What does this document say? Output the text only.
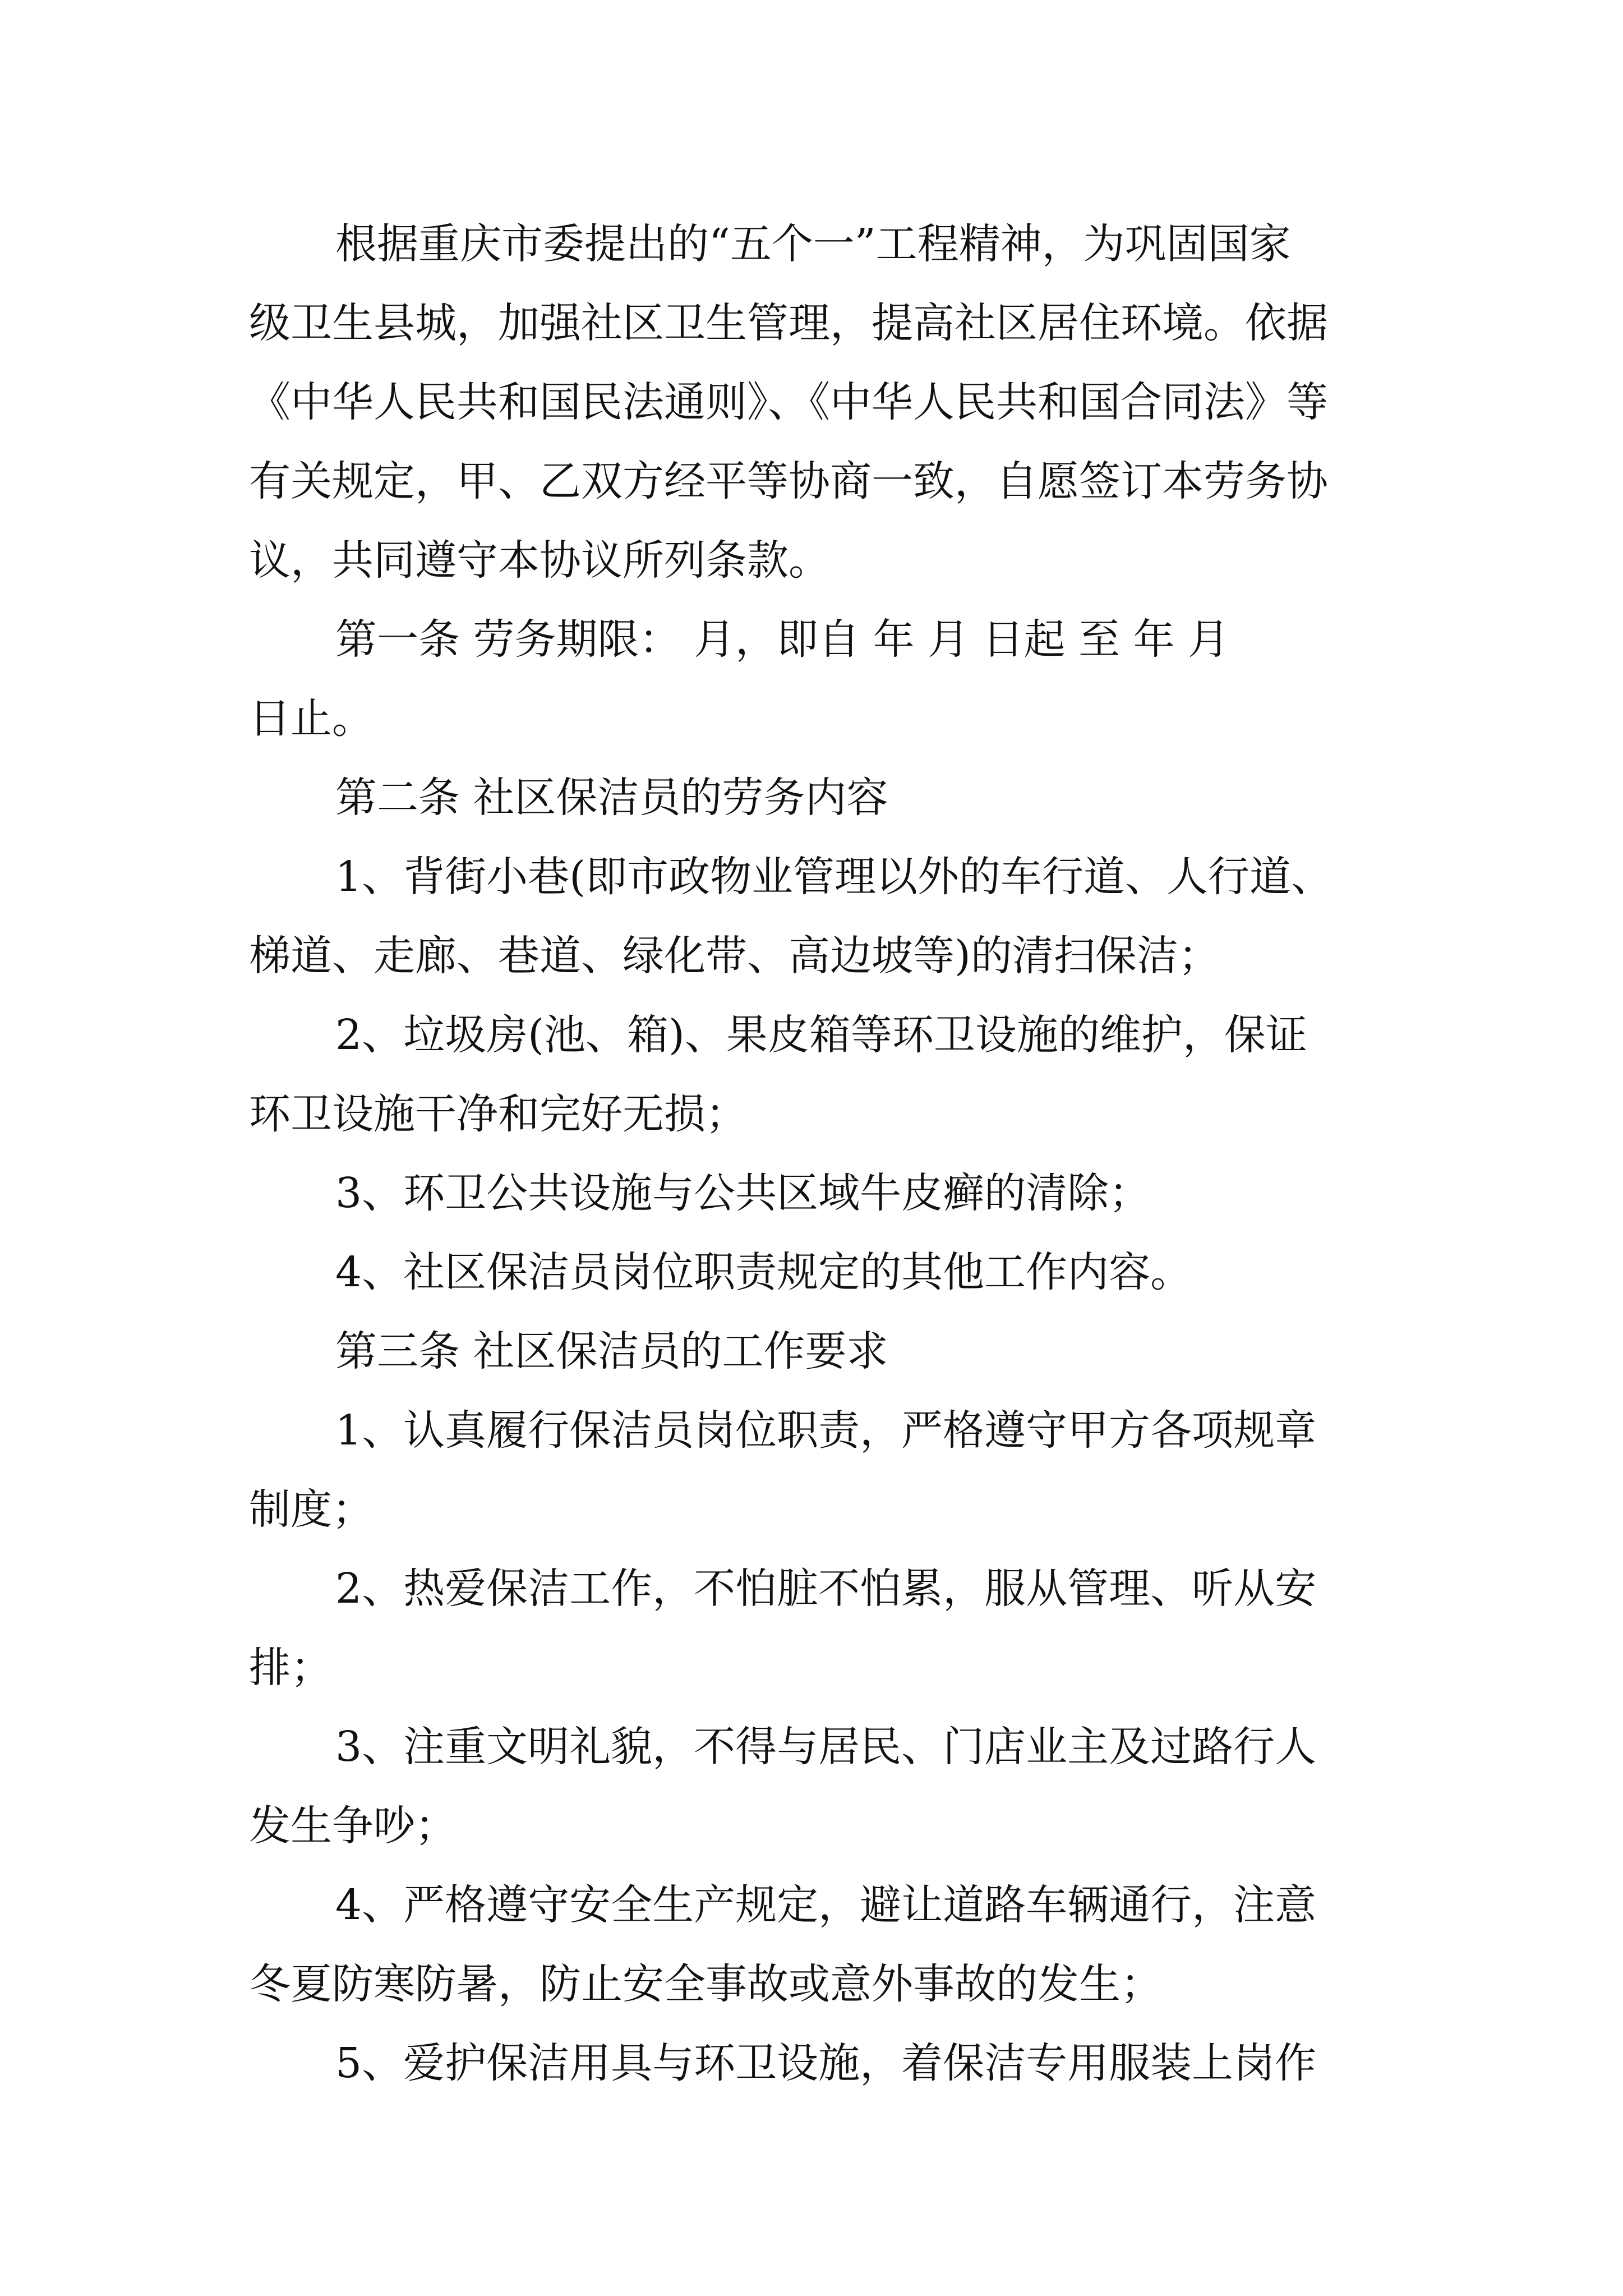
根据重庆市委提出的“五个一”工程精神，为巩固国家

级卫生县城，加强社区卫生管理，提高社区居住环境。依据

《中华人民共和国民法通则》、《中华人民共和国合同法》等

有关规定，甲、乙双方经平等协商一致，自愿签订本劳务协

议，共同遵守本协议所列条款。

第一条 劳务期限： 月，即自 年 月 日起 至 年 月

日止。

第二条 社区保洁员的劳务内容

1、背街小巷(即市政物业管理以外的车行道、人行道、

梯道、走廊、巷道、绿化带、高边坡等)的清扫保洁；

2、垃圾房(池、箱)、果皮箱等环卫设施的维护，保证

环卫设施干净和完好无损；

3、环卫公共设施与公共区域牛皮癣的清除；

4、社区保洁员岗位职责规定的其他工作内容。

第三条 社区保洁员的工作要求

1、认真履行保洁员岗位职责，严格遵守甲方各项规章

制度；

2、热爱保洁工作，不怕脏不怕累，服从管理、听从安

排；

3、注重文明礼貌，不得与居民、门店业主及过路行人

发生争吵；

4、严格遵守安全生产规定，避让道路车辆通行，注意

冬夏防寒防暑，防止安全事故或意外事故的发生；

5、爱护保洁用具与环卫设施，着保洁专用服装上岗作
